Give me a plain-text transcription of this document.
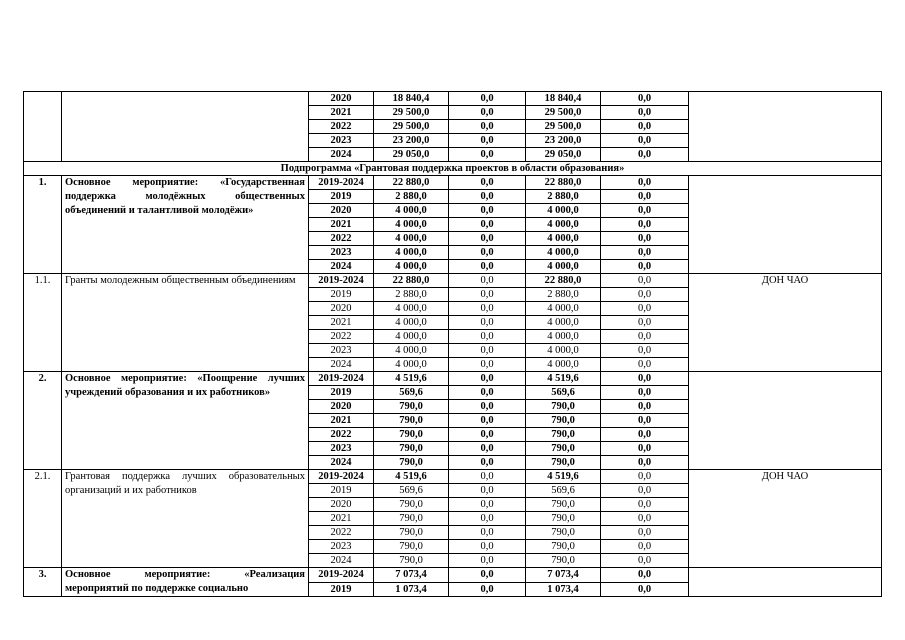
		2020	18 840,4	0,0	18 840,4	0,0	
		2021	29 500,0	0,0	29 500,0	0,0	
		2022	29 500,0	0,0	29 500,0	0,0	
		2023	23 200,0	0,0	23 200,0	0,0	
		2024	29 050,0	0,0	29 050,0	0,0	
Подпрограмма «Грантовая поддержка проектов в области образования»							
1.	Основное мероприятие: «Государственная поддержка молодёжных общественных объединений и талантливой молодёжи»	2019-2024	22 880,0	0,0	22 880,0	0,0	
		2019	2 880,0	0,0	2 880,0	0,0	
		2020	4 000,0	0,0	4 000,0	0,0	
		2021	4 000,0	0,0	4 000,0	0,0	
		2022	4 000,0	0,0	4 000,0	0,0	
		2023	4 000,0	0,0	4 000,0	0,0	
		2024	4 000,0	0,0	4 000,0	0,0	
1.1.	Гранты молодежным общественным объединениям	2019-2024	22 880,0	0,0	22 880,0	0,0	ДОН ЧАО
		2019	2 880,0	0,0	2 880,0	0,0	
		2020	4 000,0	0,0	4 000,0	0,0	
		2021	4 000,0	0,0	4 000,0	0,0	
		2022	4 000,0	0,0	4 000,0	0,0	
		2023	4 000,0	0,0	4 000,0	0,0	
		2024	4 000,0	0,0	4 000,0	0,0	
2.	Основное мероприятие: «Поощрение лучших учреждений образования и их работников»	2019-2024	4 519,6	0,0	4 519,6	0,0	
		2019	569,6	0,0	569,6	0,0	
		2020	790,0	0,0	790,0	0,0	
		2021	790,0	0,0	790,0	0,0	
		2022	790,0	0,0	790,0	0,0	
		2023	790,0	0,0	790,0	0,0	
		2024	790,0	0,0	790,0	0,0	
2.1.	Грантовая поддержка лучших образовательных организаций и их работников	2019-2024	4 519,6	0,0	4 519,6	0,0	ДОН ЧАО
		2019	569,6	0,0	569,6	0,0	
		2020	790,0	0,0	790,0	0,0	
		2021	790,0	0,0	790,0	0,0	
		2022	790,0	0,0	790,0	0,0	
		2023	790,0	0,0	790,0	0,0	
		2024	790,0	0,0	790,0	0,0	
3.	Основное мероприятие: «Реализация мероприятий по поддержке социально	2019-2024	7 073,4	0,0	7 073,4	0,0	
		2019	1 073,4	0,0	1 073,4	0,0	
